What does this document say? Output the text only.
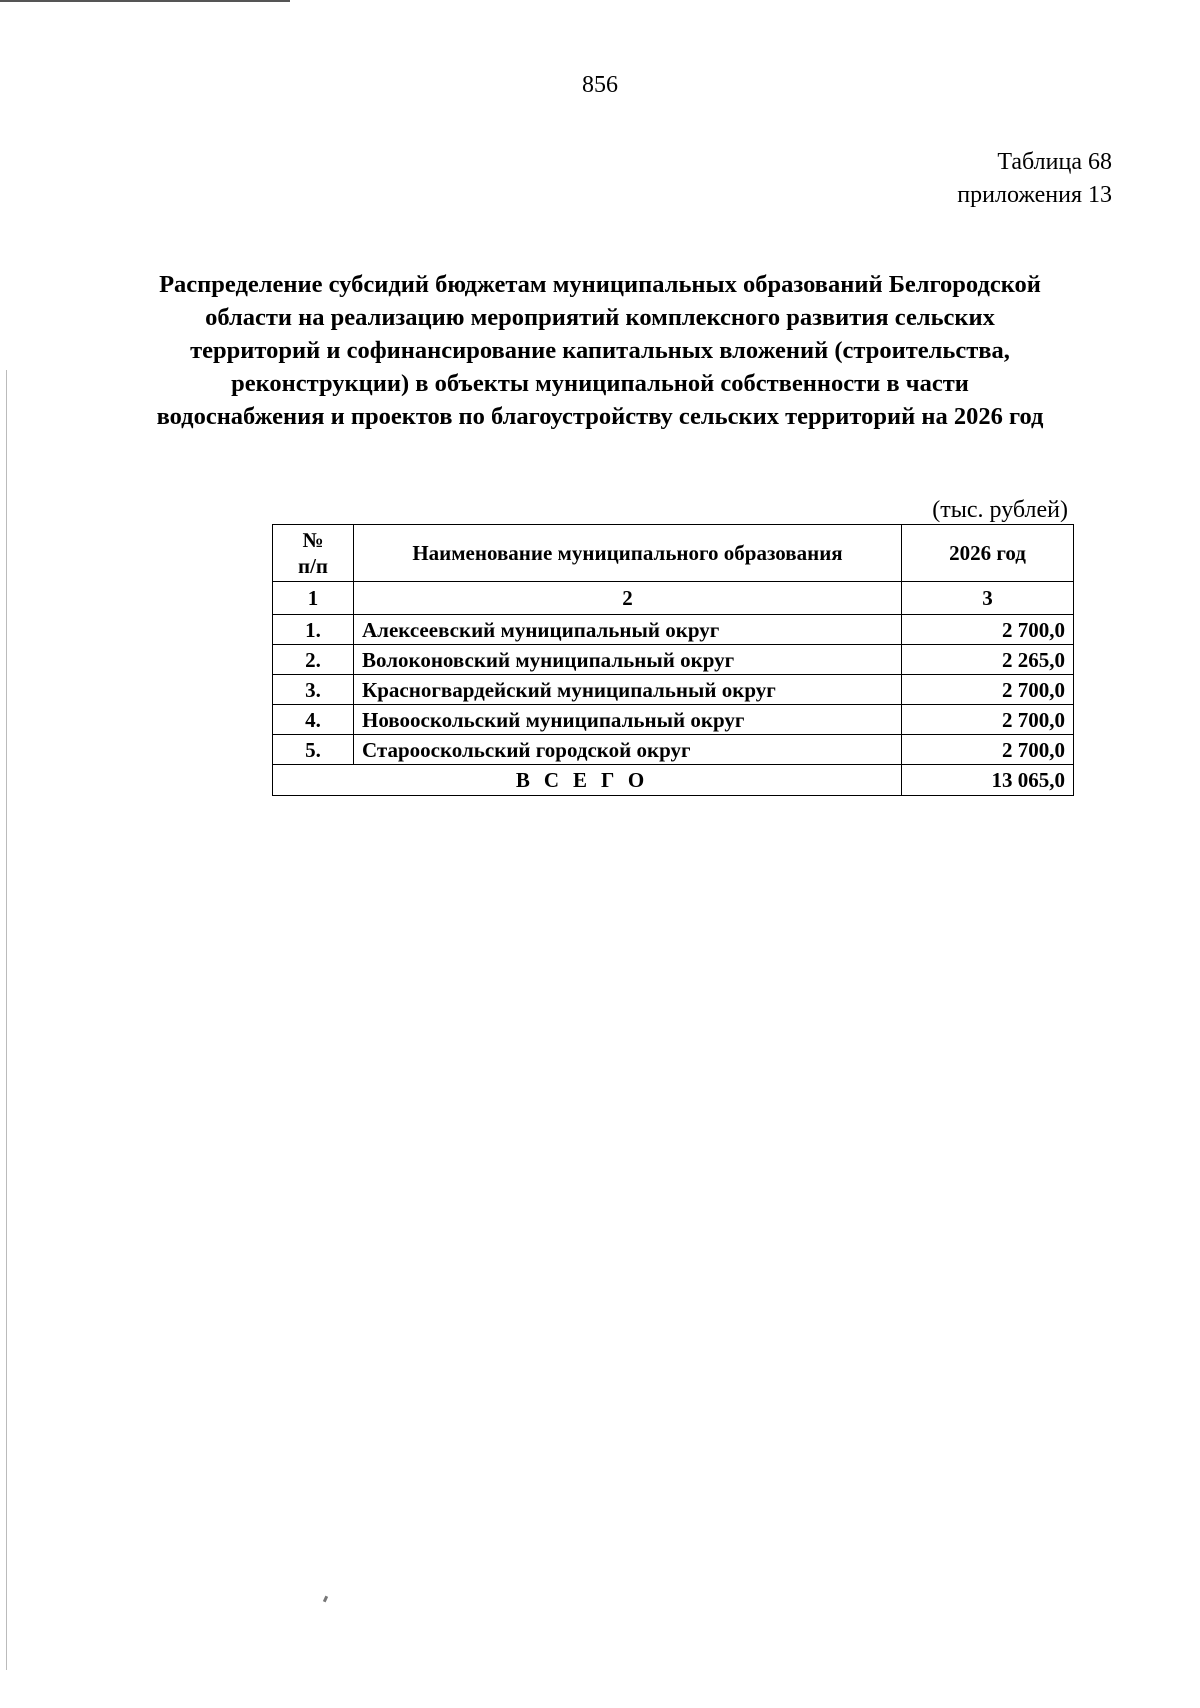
856
Таблица 68
приложения 13
Распределение субсидий бюджетам муниципальных образований Белгородской области на реализацию мероприятий комплексного развития сельских территорий и софинансирование капитальных вложений (строительства, реконструкции) в объекты муниципальной собственности в части водоснабжения и проектов по благоустройству сельских территорий на 2026 год
(тыс. рублей)
№
п/п	Наименование муниципального образования	2026 год
1	2	3
1.	Алексеевский муниципальный округ	2 700,0
2.	Волоконовский муниципальный округ	2 265,0
3.	Красногвардейский муниципальный округ	2 700,0
4.	Новооскольский муниципальный округ	2 700,0
5.	Старооскольский городской округ	2 700,0
ВСЕГО		13 065,0
